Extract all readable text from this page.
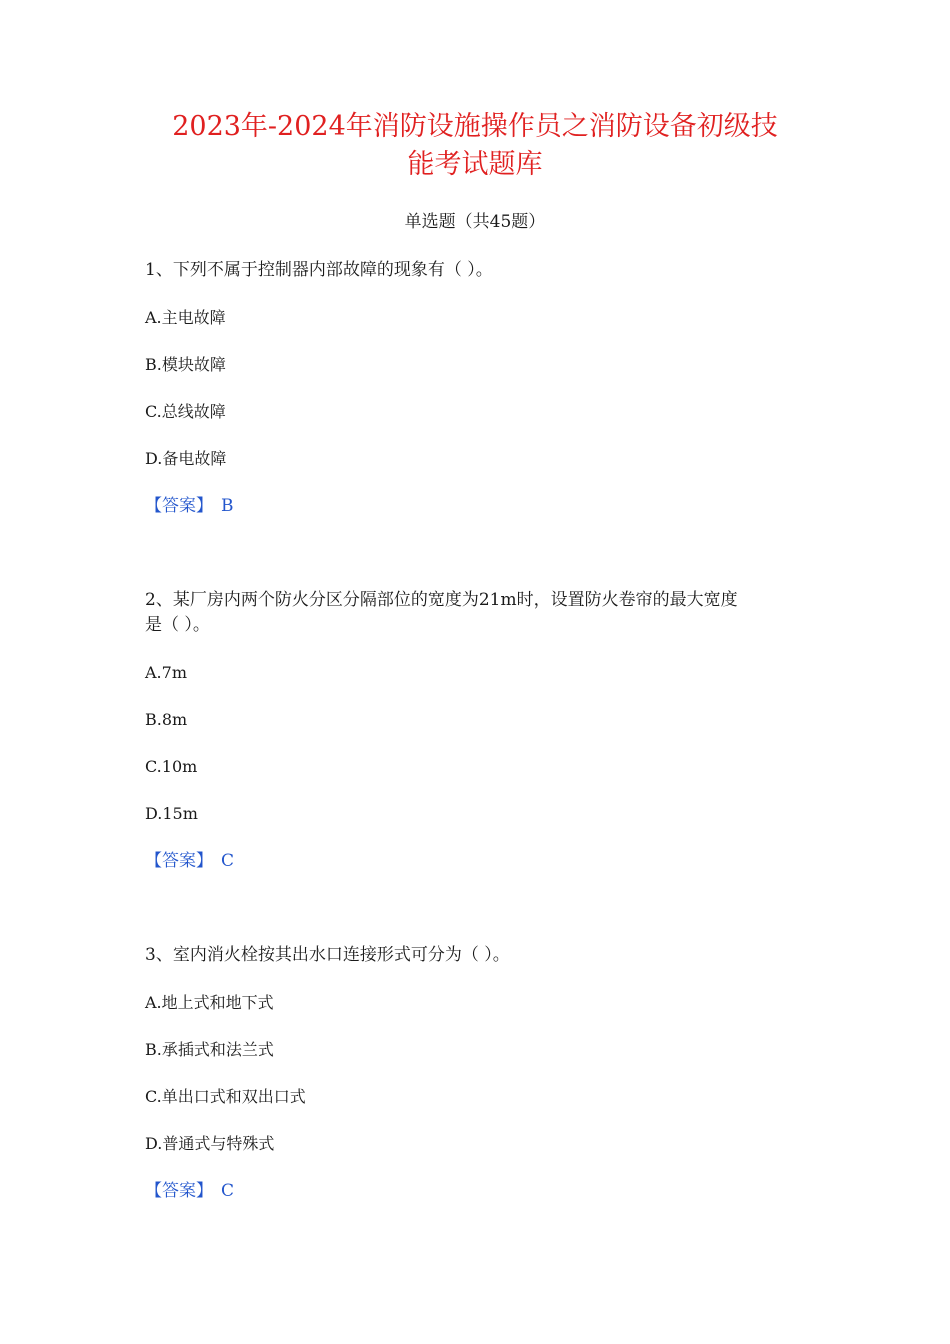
2023年-2024年消防设施操作员之消防设备初级技
能考试题库
单选题（共45题）

1、下列不属于控制器内部故障的现象有（ ）。

A.主电故障
B.模块故障
C.总线故障
D.备电故障
【答案】 B

2、某厂房内两个防火分区分隔部位的宽度为21m时，设置防火卷帘的最大宽度

是（ ）。

A.7m
B.8m
C.10m
D.15m
【答案】 C

3、室内消火栓按其出水口连接形式可分为（ ）。

A.地上式和地下式
B.承插式和法兰式
C.单出口式和双出口式
D.普通式与特殊式
【答案】 C
